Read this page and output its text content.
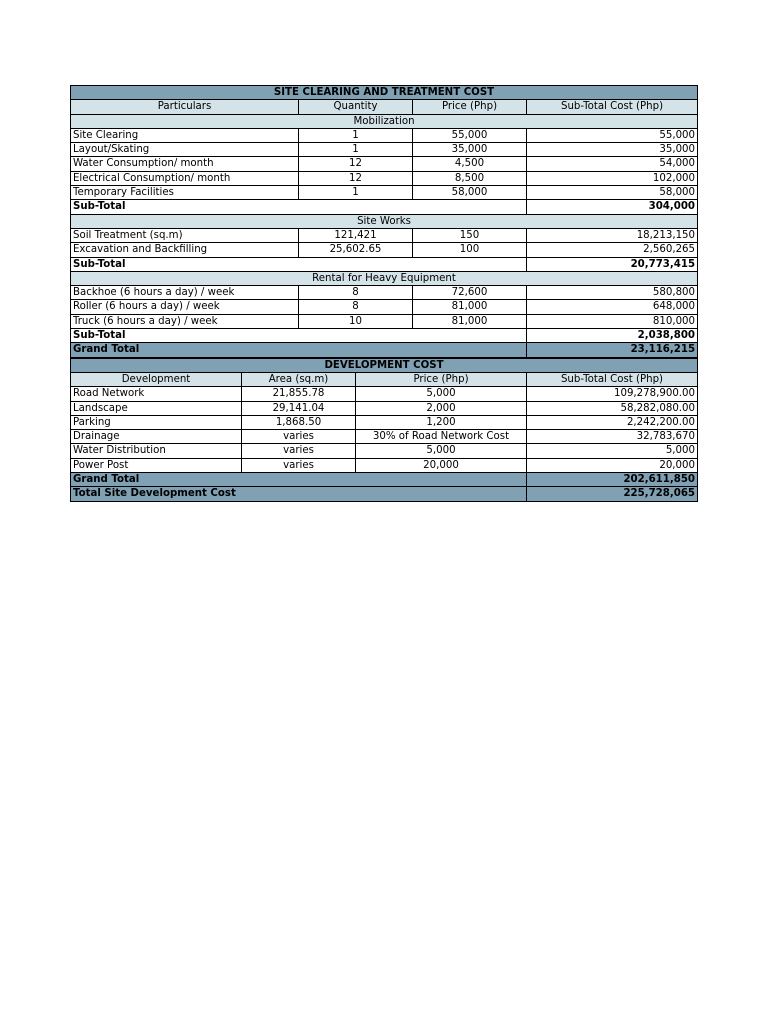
SITE CLEARING AND TREATMENT COST			
Particulars	Quantity	Price (Php)	Sub-Total Cost (Php)
Mobilization			
Site Clearing	1	55,000	55,000
Layout/Skating	1	35,000	35,000
Water Consumption/ month	12	4,500	54,000
Electrical Consumption/ month	12	8,500	102,000
Temporary Facilities	1	58,000	58,000
Sub-Total			304,000
Site Works			
Soil Treatment (sq.m)	121,421	150	18,213,150
Excavation and Backfilling	25,602.65	100	2,560,265
Sub-Total			20,773,415
Rental for Heavy Equipment			
Backhoe (6 hours a day) / week	8	72,600	580,800
Roller (6 hours a day) / week	8	81,000	648,000
Truck (6 hours a day) / week	10	81,000	810,000
Sub-Total			2,038,800
Grand Total			23,116,215
DEVELOPMENT COST			
Development	Area (sq.m)	Price (Php)	Sub-Total Cost (Php)
Road Network	21,855.78	5,000	109,278,900.00
Landscape	29,141.04	2,000	58,282,080.00
Parking	1,868.50	1,200	2,242,200.00
Drainage	varies	30% of Road Network Cost	32,783,670
Water Distribution	varies	5,000	5,000
Power Post	varies	20,000	20,000
Grand Total			202,611,850
Total Site Development Cost			225,728,065
